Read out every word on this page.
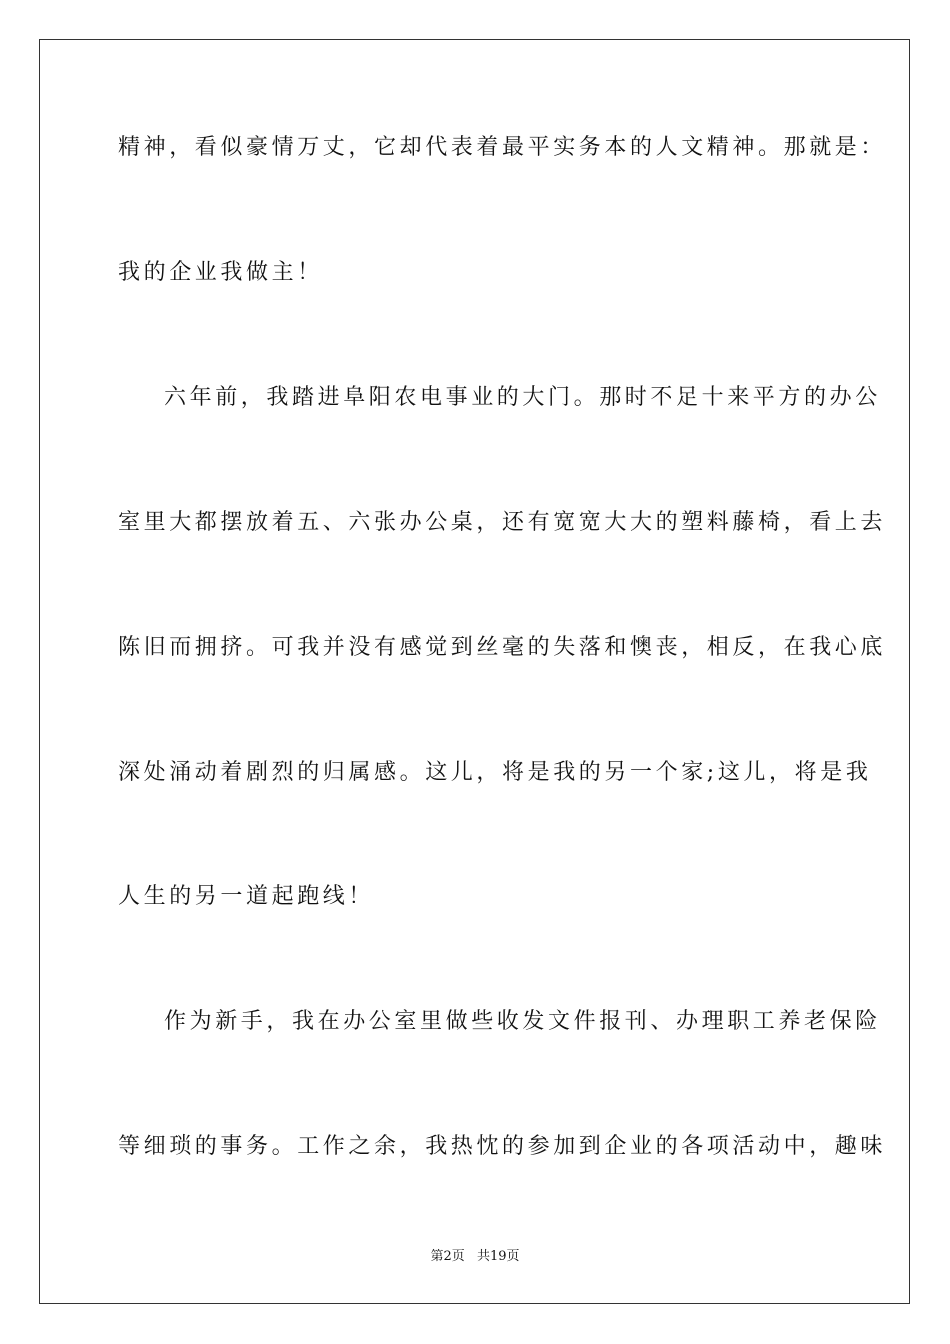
精神，看似豪情万丈，它却代表着最平实务本的人文精神。那就是：
我的企业我做主！
六年前，我踏进阜阳农电事业的大门。那时不足十来平方的办公
室里大都摆放着五、六张办公桌，还有宽宽大大的塑料藤椅，看上去
陈旧而拥挤。可我并没有感觉到丝毫的失落和懊丧，相反，在我心底
深处涌动着剧烈的归属感。这儿，将是我的另一个家;这儿，将是我
人生的另一道起跑线！
作为新手，我在办公室里做些收发文件报刊、办理职工养老保险
等细琐的事务。工作之余，我热忱的参加到企业的各项活动中，趣味
第2页 共19页
